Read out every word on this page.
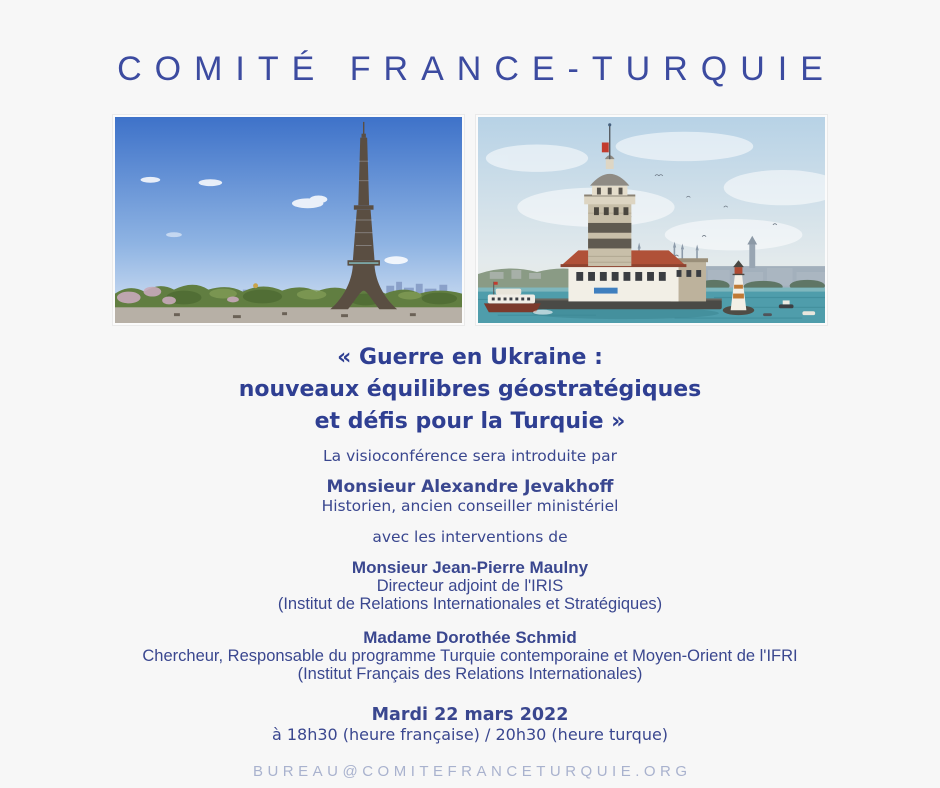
COMITÉ FRANCE-TURQUIE
« Guerre en Ukraine :
nouveaux équilibres géostratégiques
et défis pour la Turquie »

La visioconférence sera introduite par

Monsieur Alexandre Jevakhoff
Historien, ancien conseiller ministériel

avec les interventions de

Monsieur Jean-Pierre Maulny
Directeur adjoint de l'IRIS
(Institut de Relations Internationales et Stratégiques)
Madame Dorothée Schmid
Chercheur, Responsable du programme Turquie contemporaine et Moyen-Orient de l'IFRI
(Institut Français des Relations Internationales)
Mardi 22 mars 2022
à 18h30 (heure française) / 20h30 (heure turque)

BUREAU@COMITEFRANCETURQUIE.ORG
